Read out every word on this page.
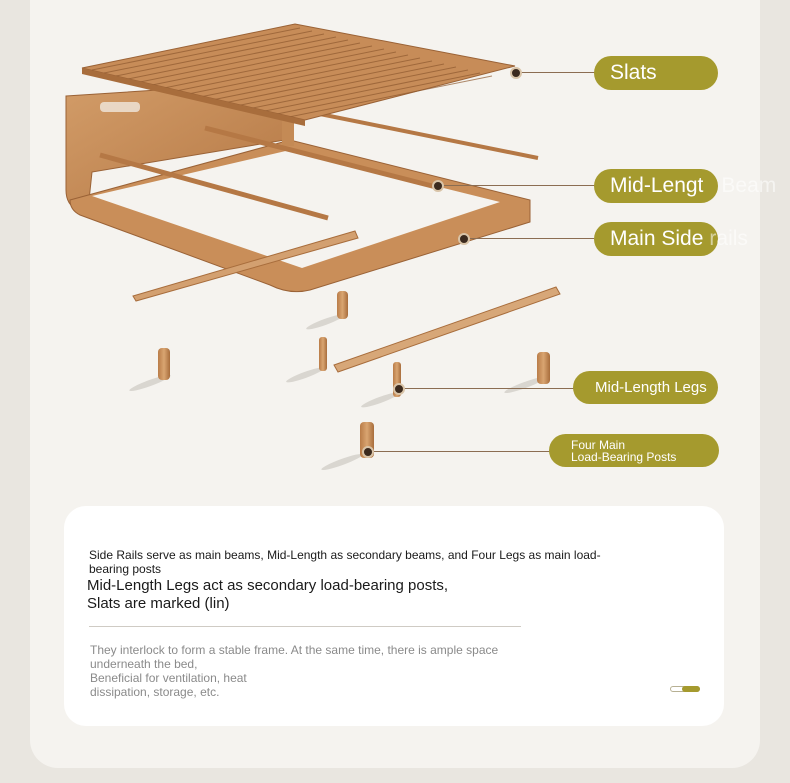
Slats
Mid-Lengt Beam
Main Side rails
Mid-Length Legs
Four Main
Load-Bearing Posts
Side Rails serve as main beams, Mid-Length as secondary beams, and Four Legs as main load-bearing posts
Mid-Length Legs act as secondary load-bearing posts,
Slats are marked (lin)
They interlock to form a stable frame. At the same time, there is ample space underneath the bed,
Beneficial for ventilation, heat
dissipation, storage, etc.
